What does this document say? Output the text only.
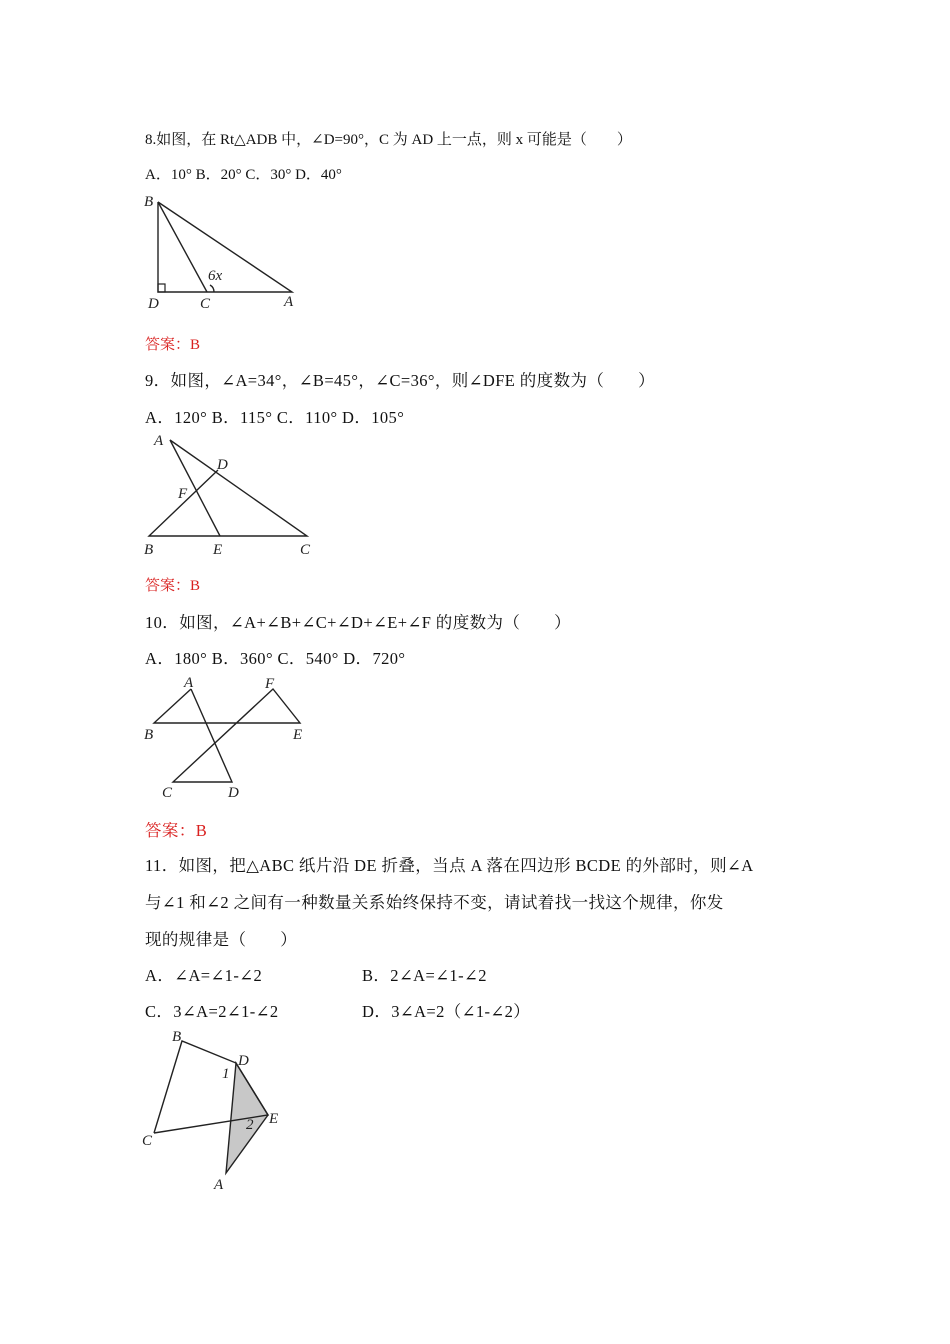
8.如图，在 Rt△ADB 中，∠D=90°，C 为 AD 上一点，则 x 可能是（　　）
A．10° B．20° C．30° D．40°
B
D	C	A
6x
答案：B
9．如图，∠A=34°，∠B=45°，∠C=36°，则∠DFE 的度数为（　　）
A．120° B．115° C．110° D．105°
A
D
F
B	E	C
答案：B
10．如图，∠A+∠B+∠C+∠D+∠E+∠F 的度数为（　　）
A．180° B．360° C．540° D．720°
A	F
B	E
C	D
答案：B
11．如图，把△ABC 纸片沿 DE 折叠，当点 A 落在四边形 BCDE 的外部时，则∠A
与∠1 和∠2 之间有一种数量关系始终保持不变，请试着找一找这个规律，你发
现的规律是（　　）
A．∠A=∠1-∠2	B．2∠A=∠1-∠2
C．3∠A=2∠1-∠2	D．3∠A=2（∠1-∠2）
B
D
1
E
2
C
A
